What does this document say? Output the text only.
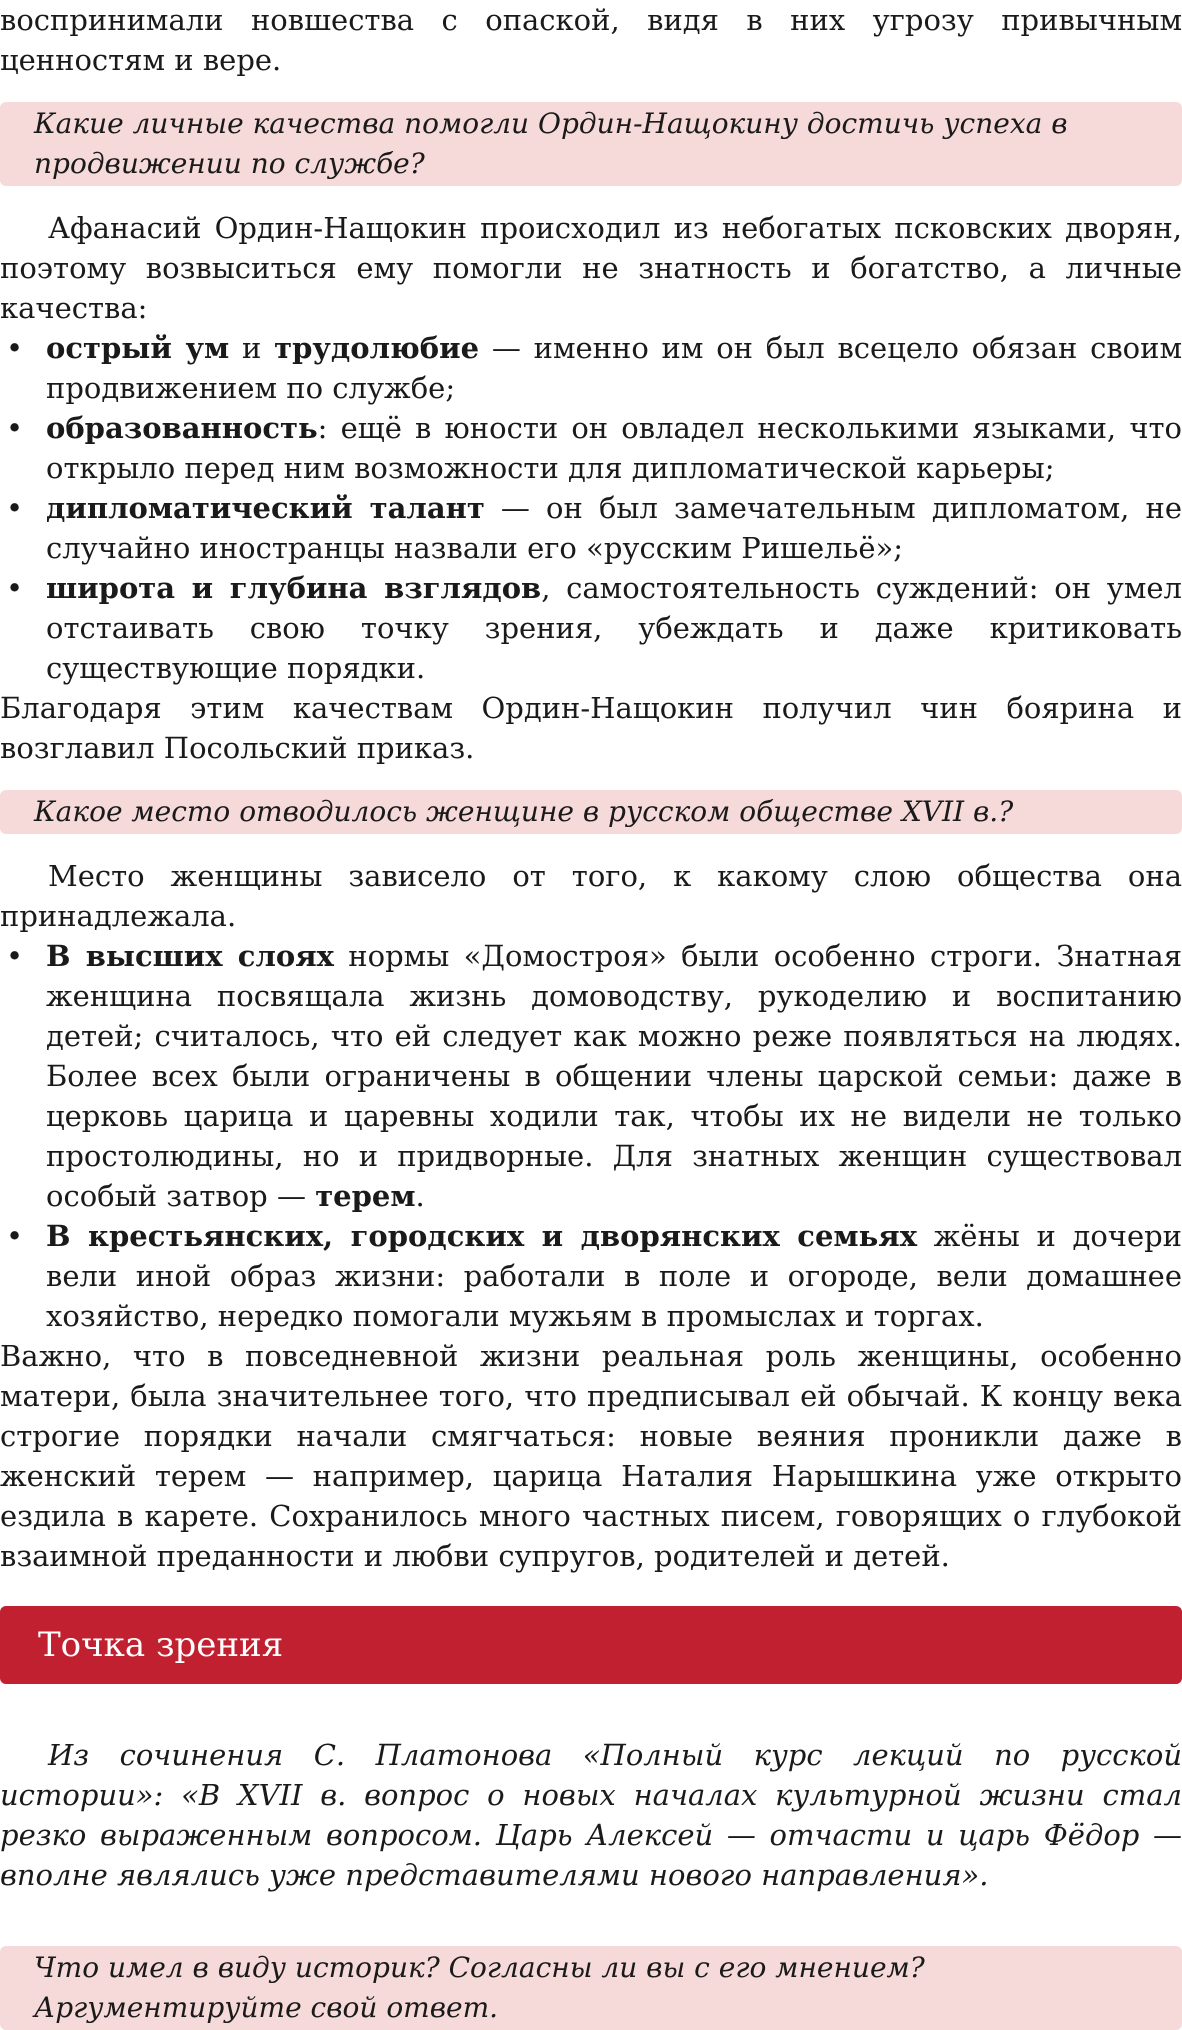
воспринимали новшества с опаской, видя в них угрозу привычным ценностям и вере.

Какие личные качества помогли Ордин-Нащокину достичь успеха в продвижении по службе?

Афанасий Ордин-Нащокин происходил из небогатых псковских дворян, поэтому возвыситься ему помогли не знатность и богатство, а личные качества:

• острый ум и трудолюбие — именно им он был всецело обязан своим продвижением по службе;
• образованность: ещё в юности он овладел несколькими языками, что открыло перед ним возможности для дипломатической карьеры;
• дипломатический талант — он был замечательным дипломатом, не случайно иностранцы назвали его «русским Ришельё»;
• широта и глубина взглядов, самостоятельность суждений: он умел отстаивать свою точку зрения, убеждать и даже критиковать существующие порядки.

Благодаря этим качествам Ордин-Нащокин получил чин боярина и возглавил Посольский приказ.

Какое место отводилось женщине в русском обществе XVII в.?

Место женщины зависело от того, к какому слою общества она принадлежала.

• В высших слоях нормы «Домостроя» были особенно строги. Знатная женщина посвящала жизнь домоводству, рукоделию и воспитанию детей; считалось, что ей следует как можно реже появляться на людях. Более всех были ограничены в общении члены царской семьи: даже в церковь царица и царевны ходили так, чтобы их не видели не только простолюдины, но и придворные. Для знатных женщин существовал особый затвор — терем.
• В крестьянских, городских и дворянских семьях жёны и дочери вели иной образ жизни: работали в поле и огороде, вели домашнее хозяйство, нередко помогали мужьям в промыслах и торгах.

Важно, что в повседневной жизни реальная роль женщины, особенно матери, была значительнее того, что предписывал ей обычай. К концу века строгие порядки начали смягчаться: новые веяния проникли даже в женский терем — например, царица Наталия Нарышкина уже открыто ездила в карете. Сохранилось много частных писем, говорящих о глубокой взаимной преданности и любви супругов, родителей и детей.

Точка зрения

Из сочинения С. Платонова «Полный курс лекций по русской истории»: «В XVII в. вопрос о новых началах культурной жизни стал резко выраженным вопросом. Царь Алексей — отчасти и царь Фёдор — вполне являлись уже представителями нового направления».

Что имел в виду историк? Согласны ли вы с его мнением? Аргументируйте свой ответ.
